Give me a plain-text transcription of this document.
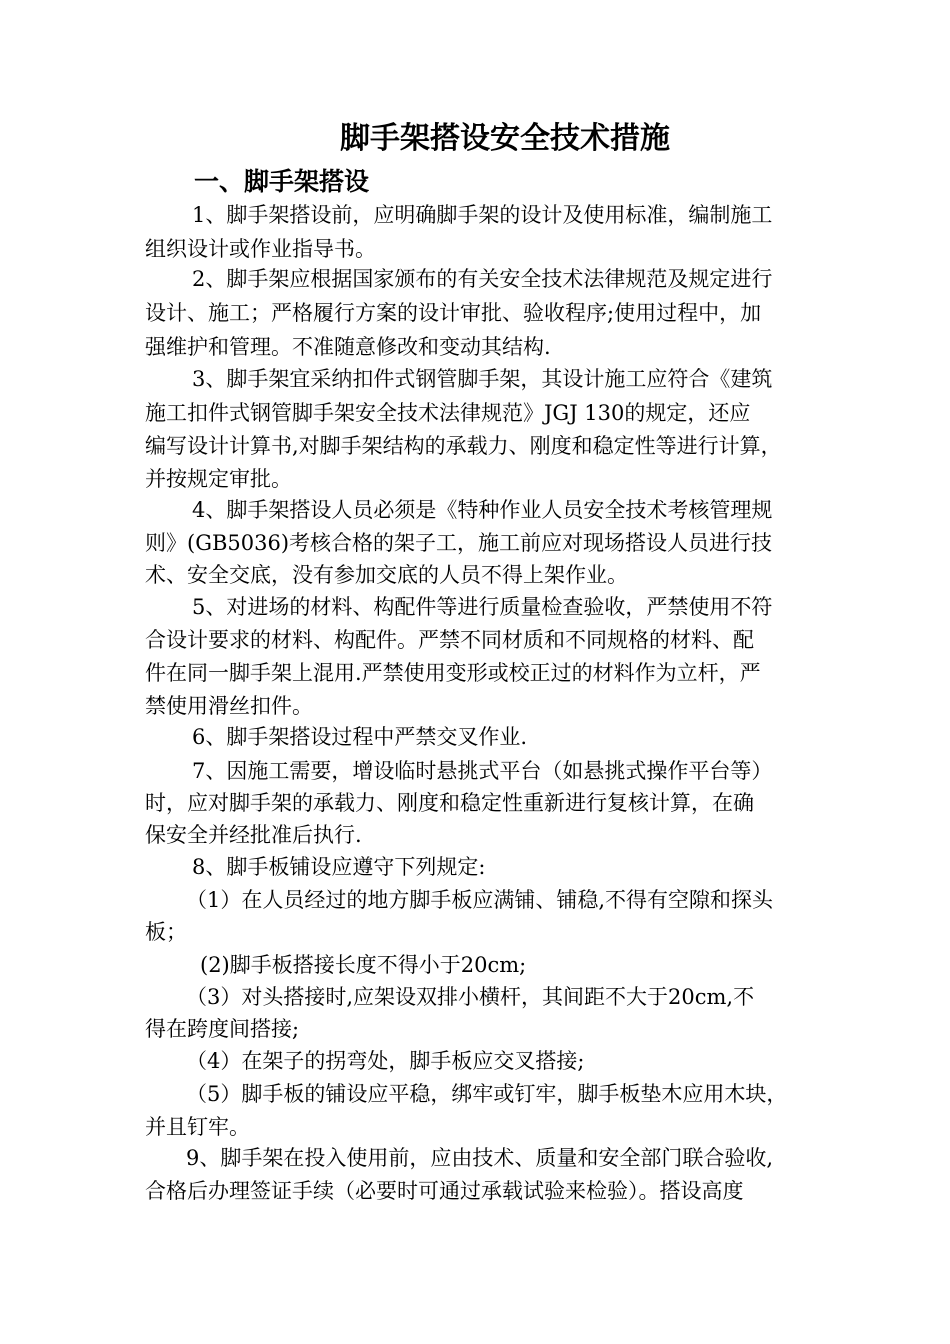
脚手架搭设安全技术措施
一、脚手架搭设
1、脚手架搭设前，应明确脚手架的设计及使用标准，编制施工
组织设计或作业指导书。
2、脚手架应根据国家颁布的有关安全技术法律规范及规定进行
设计、施工；严格履行方案的设计审批、验收程序;使用过程中，加
强维护和管理。不准随意修改和变动其结构.
3、脚手架宜采纳扣件式钢管脚手架，其设计施工应符合《建筑
施工扣件式钢管脚手架安全技术法律规范》JGJ 130的规定，还应
编写设计计算书,对脚手架结构的承载力、刚度和稳定性等进行计算，
并按规定审批。
4、脚手架搭设人员必须是《特种作业人员安全技术考核管理规
则》(GB5036)考核合格的架子工，施工前应对现场搭设人员进行技
术、安全交底，没有参加交底的人员不得上架作业。
5、对进场的材料、构配件等进行质量检查验收，严禁使用不符
合设计要求的材料、构配件。严禁不同材质和不同规格的材料、配
件在同一脚手架上混用.严禁使用变形或校正过的材料作为立杆，严
禁使用滑丝扣件。
6、脚手架搭设过程中严禁交叉作业.
7、因施工需要，增设临时悬挑式平台（如悬挑式操作平台等）
时，应对脚手架的承载力、刚度和稳定性重新进行复核计算，在确
保安全并经批准后执行.
8、脚手板铺设应遵守下列规定:
（1）在人员经过的地方脚手板应满铺、铺稳,不得有空隙和探头
板；
(2)脚手板搭接长度不得小于20cm;
（3）对头搭接时,应架设双排小横杆，其间距不大于20cm,不
得在跨度间搭接;
（4）在架子的拐弯处，脚手板应交叉搭接;
（5）脚手板的铺设应平稳，绑牢或钉牢，脚手板垫木应用木块，
并且钉牢。
9、脚手架在投入使用前，应由技术、质量和安全部门联合验收,
合格后办理签证手续（必要时可通过承载试验来检验）。搭设高度
